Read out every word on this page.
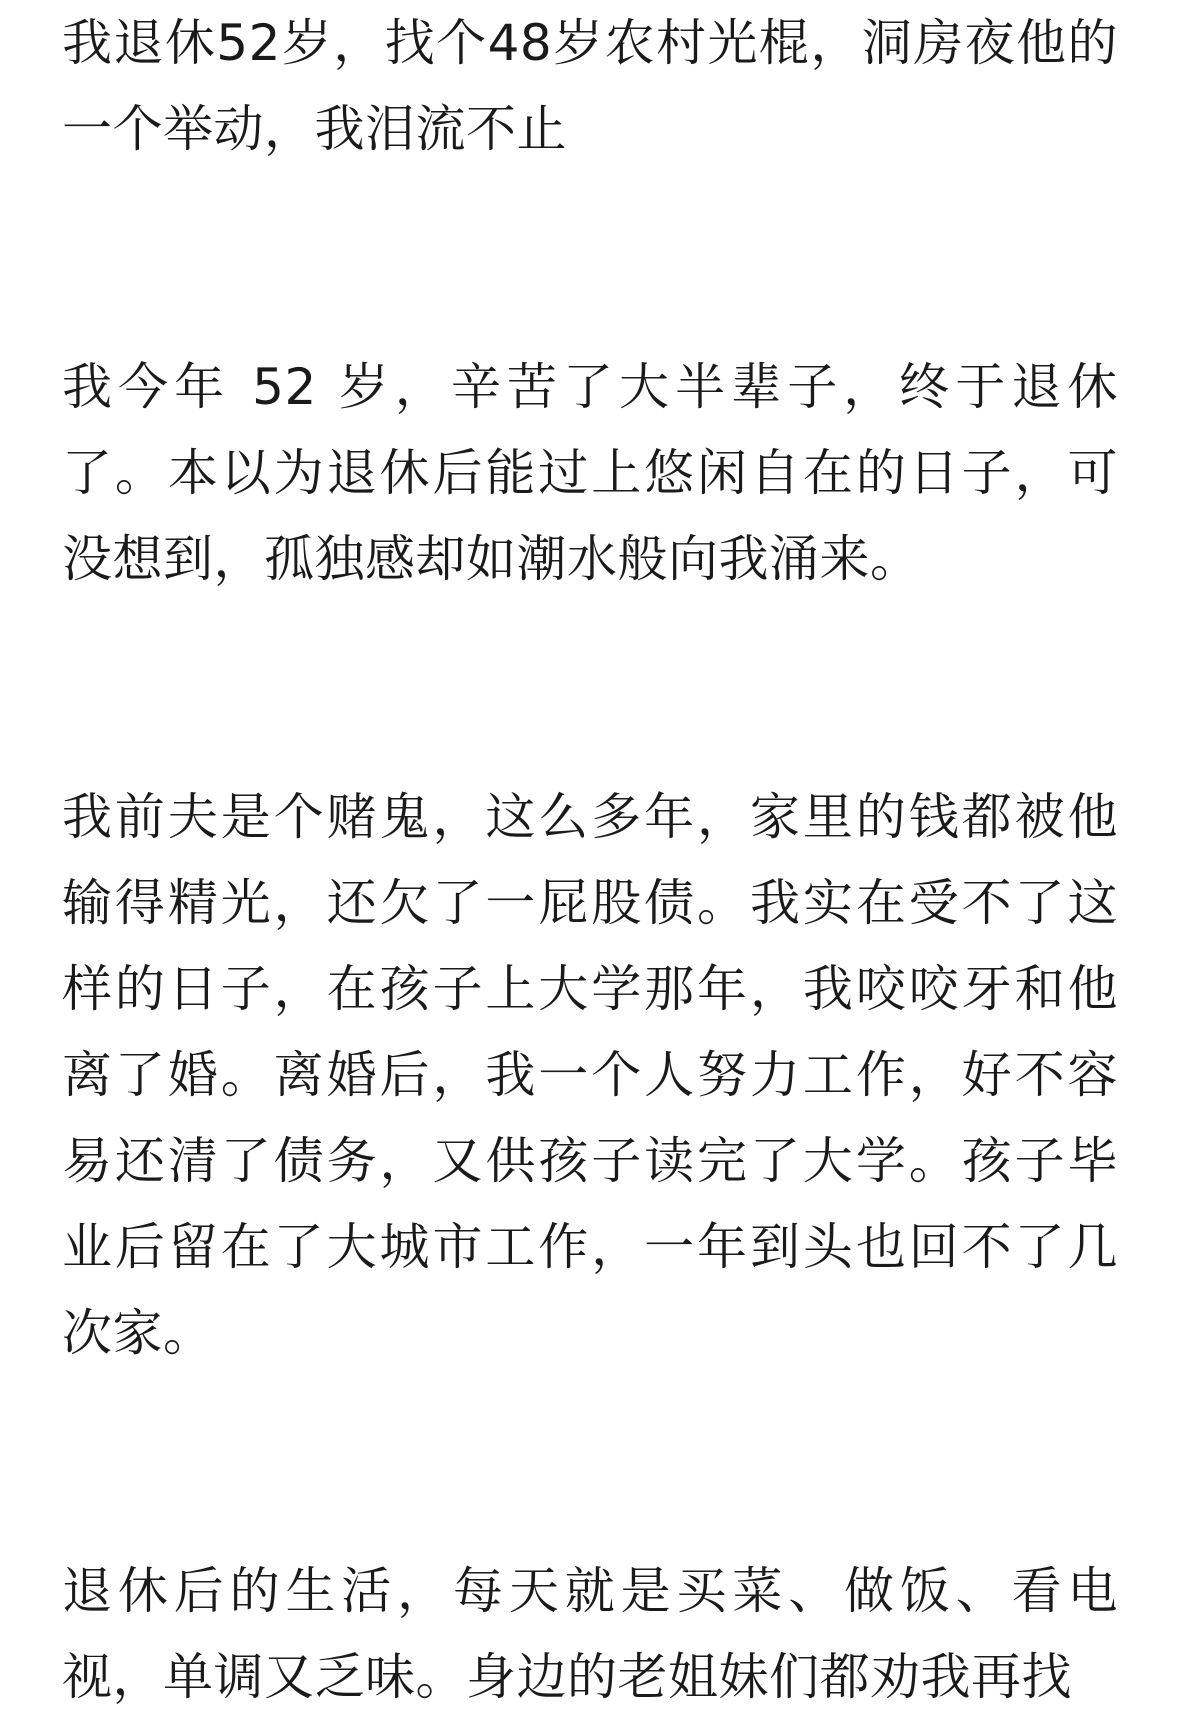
我退休52岁，找个48岁农村光棍，洞房夜他的一个举动，我泪流不止

我今年 52 岁，辛苦了大半辈子，终于退休了。本以为退休后能过上悠闲自在的日子，可没想到，孤独感却如潮水般向我涌来。

我前夫是个赌鬼，这么多年，家里的钱都被他输得精光，还欠了一屁股债。我实在受不了这样的日子，在孩子上大学那年，我咬咬牙和他离了婚。离婚后，我一个人努力工作，好不容易还清了债务，又供孩子读完了大学。孩子毕业后留在了大城市工作，一年到头也回不了几次家。

退休后的生活，每天就是买菜、做饭、看电视，单调又乏味。身边的老姐妹们都劝我再找
